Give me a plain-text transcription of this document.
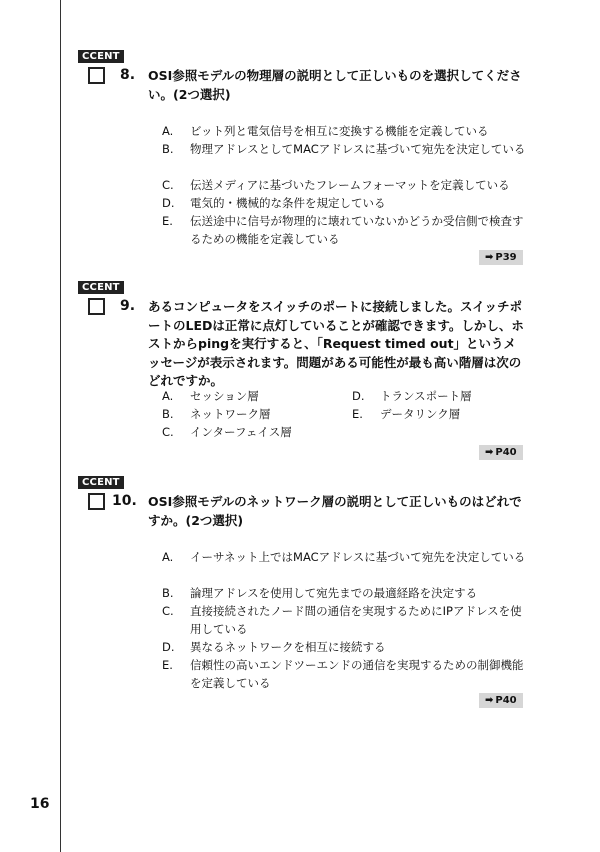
CCENT
8. OSI参照モデルの物理層の説明として正しいものを選択してください。(2つ選択)
A. ビット列と電気信号を相互に変換する機能を定義している
B. 物理アドレスとしてMACアドレスに基づいて宛先を決定している
C. 伝送メディアに基づいたフレームフォーマットを定義している
D. 電気的・機械的な条件を規定している
E. 伝送途中に信号が物理的に壊れていないかどうか受信側で検査するための機能を定義している
➡ P39
CCENT
9. あるコンピュータをスイッチのポートに接続しました。スイッチポートのLEDは正常に点灯していることが確認できます。しかし、ホストからpingを実行すると、「Request timed out」というメッセージが表示されます。問題がある可能性が最も高い階層は次のどれですか。
A. セッション層
B. ネットワーク層
C. インターフェイス層
D. トランスポート層
E. データリンク層
➡ P40
CCENT
10. OSI参照モデルのネットワーク層の説明として正しいものはどれですか。(2つ選択)
A. イーサネット上ではMACアドレスに基づいて宛先を決定している
B. 論理アドレスを使用して宛先までの最適経路を決定する
C. 直接接続されたノード間の通信を実現するためにIPアドレスを使用している
D. 異なるネットワークを相互に接続する
E. 信頼性の高いエンドツーエンドの通信を実現するための制御機能を定義している
➡ P40
16
